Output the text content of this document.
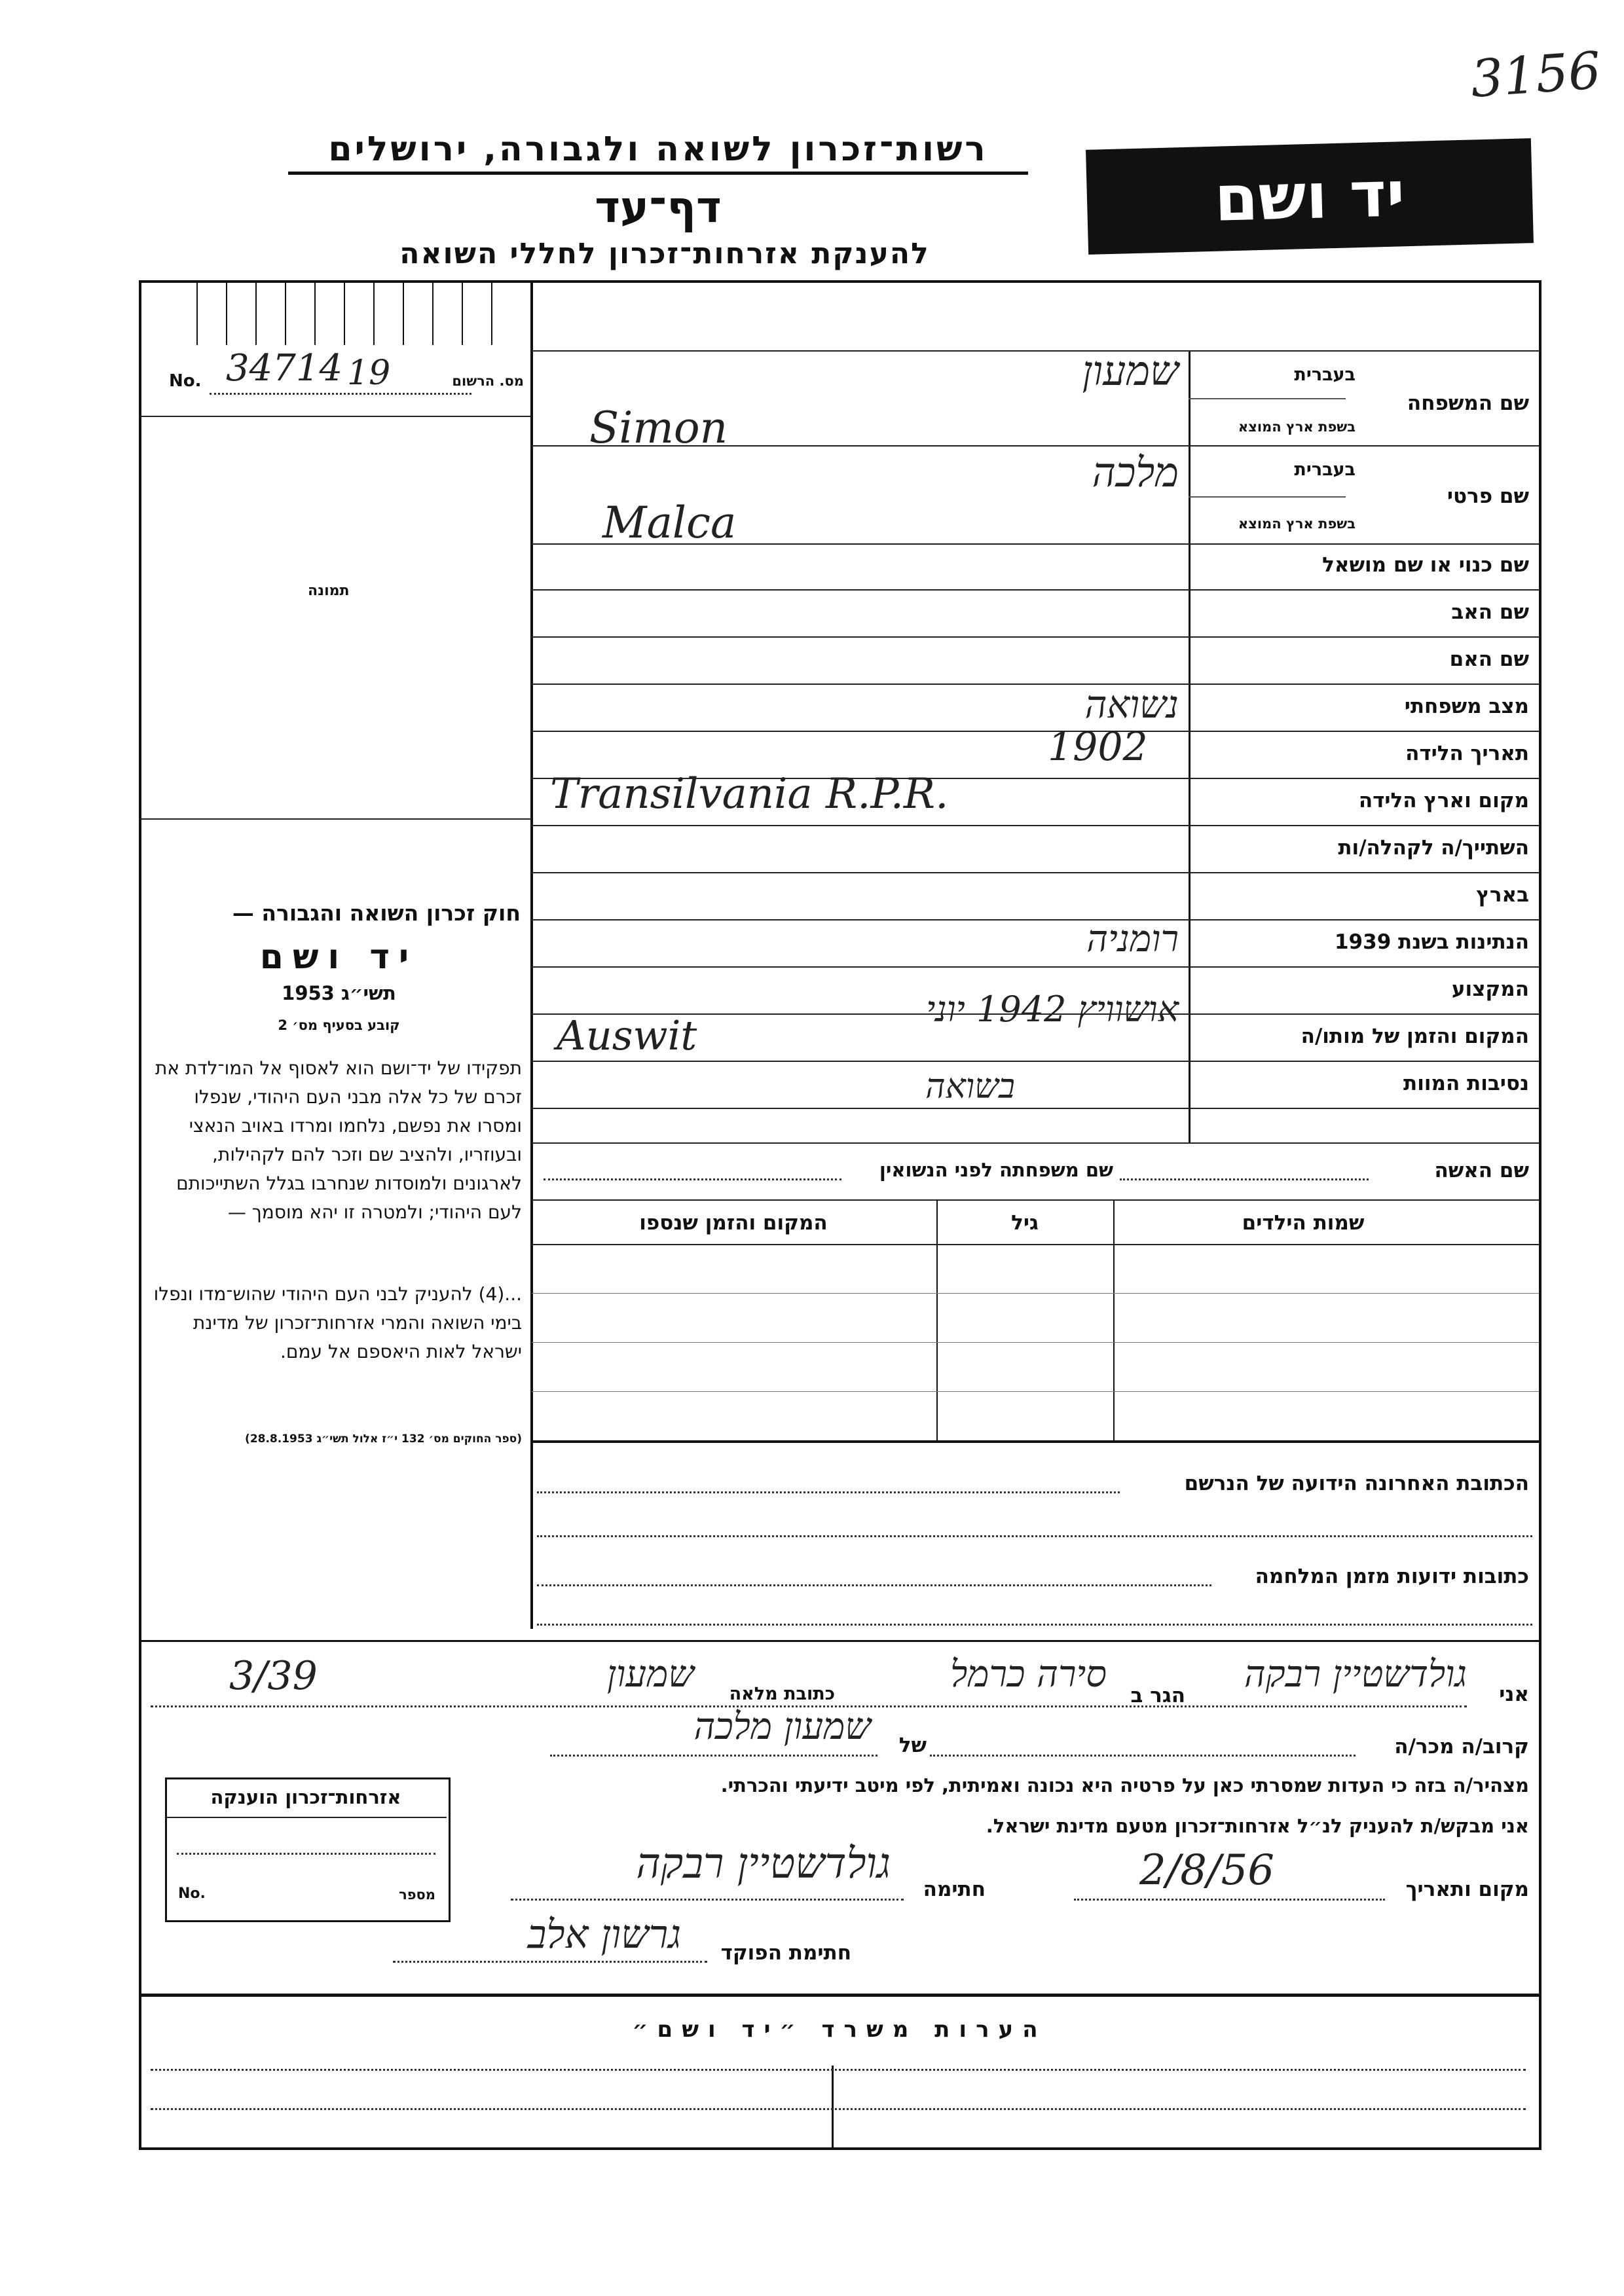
3156
רשות־זכרון לשואה ולגבורה, ירושלים
דף־עד
להענקת אזרחות־זכרון לחללי השואה
יד ושם
No. 34714 19	מס. הרשום
תמונה
חוק זכרון השואה והגבורה —
יד ושם
תשי״ג 1953
קובע בסעיף מס׳ 2
תפקידו של יד־ושם הוא לאסוף אל המו־לדת את זכרם של כל אלה מבני העם היהודי, שנפלו ומסרו את נפשם, נלחמו ומרדו באויב הנאצי ובעוזריו, ולהציב שם וזכר להם לקהילות, לארגונים ולמוסדות שנחרבו בגלל השתייכותם לעם היהודי; ולמטרה זו יהא מוסמך —
...(4) להעניק לבני העם היהודי שהוש־מדו ונפלו בימי השואה והמרי אזרחות־זכרון של מדינת ישראל לאות היאספם אל עמם.
(ספר החוקים מס׳ 132 י״ז אלול תשי״ג 28.8.1953)
שם המשפחה
בעברית
בשפת ארץ המוצא
שמעון
Simon
שם פרטי
בעברית
בשפת ארץ המוצא
מלכה
Malca
שם כנוי או שם מושאל
שם האב
שם האם
מצב משפחתי
נשואה
תאריך הלידה
1902
מקום וארץ הלידה
Transilvania R.P.R.
השתייך/ה לקהלה/ות
בארץ
הנתינות בשנת 1939
רומניה
המקצוע
המקום והזמן של מותו/ה
אושוויץ 1942 יוני
Auswit
נסיבות המוות
בשואה
שם האשה
שם משפחתה לפני הנשואין
שמות הילדים
גיל
המקום והזמן שנספו
הכתובת האחרונה הידועה של הנרשם
כתובות ידועות מזמן המלחמה
אני
גולדשטיין רבקה
הגר ב
סירה כרמל
כתובת מלאה
שמעון
3/39
קרוב/ה מכר/ה
של
שמעון מלכה
מצהיר/ה בזה כי העדות שמסרתי כאן על פרטיה היא נכונה ואמיתית, לפי מיטב ידיעתי והכרתי.
אני מבקש/ת להעניק לנ״ל אזרחות־זכרון מטעם מדינת ישראל.
מקום ותאריך
2/8/56
חתימה
גולדשטיין רבקה
חתימת הפוקד
גרשון אלב
אזרחות־זכרון הוענקה
No.	מספר
הערות משרד ״יד ושם״
